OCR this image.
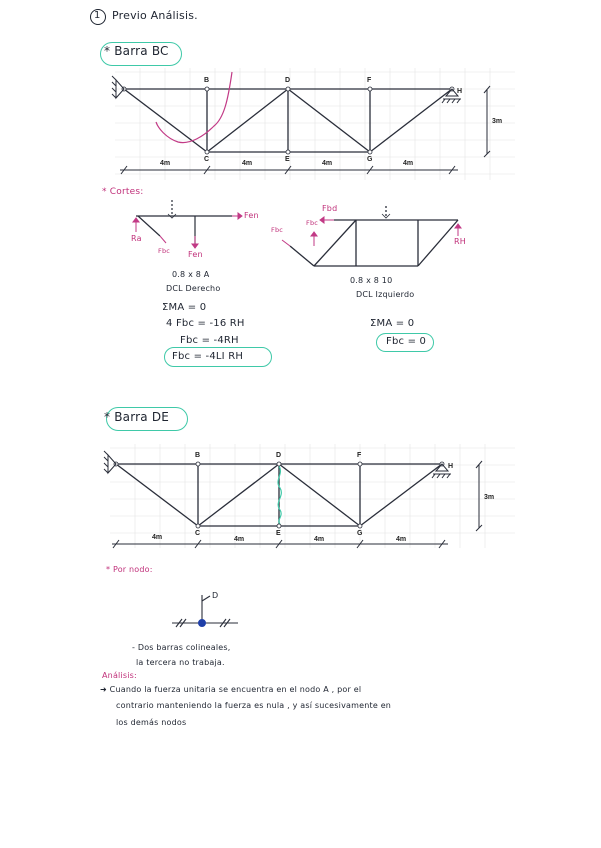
1 Previo Análisis.
* Barra BC
B	D	F
H
C	E	G
4m	4m	4m	4m
3m
* Cortes:
Fen
Ra
Fbc Fen
Fbd
Fbc
Fbc
RH
0.8 x 8 A
DCL Derecho
ΣMA = 0
4 Fbc = -16 RH
Fbc = -4RH
Fbc = -4LI RH
0.8 x 8 10
DCL Izquierdo
ΣMA = 0
Fbc = 0
* Barra DE
B	D	F
H
C	E	G
4m	4m	4m	4m
3m
* Por nodo:
D
- Dos barras colineales,
la tercera no trabaja.
Análisis:
➜ Cuando la fuerza unitaria se encuentra en el nodo A , por el
contrario manteniendo la fuerza es nula , y así sucesivamente en
los demás nodos
